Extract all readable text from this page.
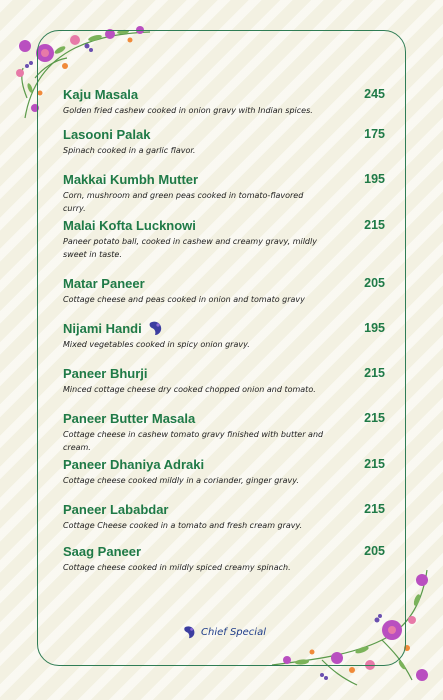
Kaju Masala	245
Golden fried cashew cooked in onion gravy with Indian spices.
Lasooni Palak	175
Spinach cooked in a garlic flavor.
Makkai Kumbh Mutter	195
Corn, mushroom and green peas cooked in tomato-flavored curry.
Malai Kofta Lucknowi	215
Paneer potato ball, cooked in cashew and creamy gravy, mildly sweet in taste.
Matar Paneer	205
Cottage cheese and peas cooked in onion and tomato gravy
Nijami Handi	195
Mixed vegetables cooked in spicy onion gravy.
Paneer Bhurji	215
Minced cottage cheese dry cooked chopped onion and tomato.
Paneer Butter Masala	215
Cottage cheese in cashew tomato gravy finished with butter and cream.
Paneer Dhaniya Adraki	215
Cottage cheese cooked mildly in a coriander, ginger gravy.
Paneer Lababdar	215
Cottage Cheese cooked in a tomato and fresh cream gravy.
Saag Paneer	205
Cottage cheese cooked in mildly spiced creamy spinach.
Chief Special
